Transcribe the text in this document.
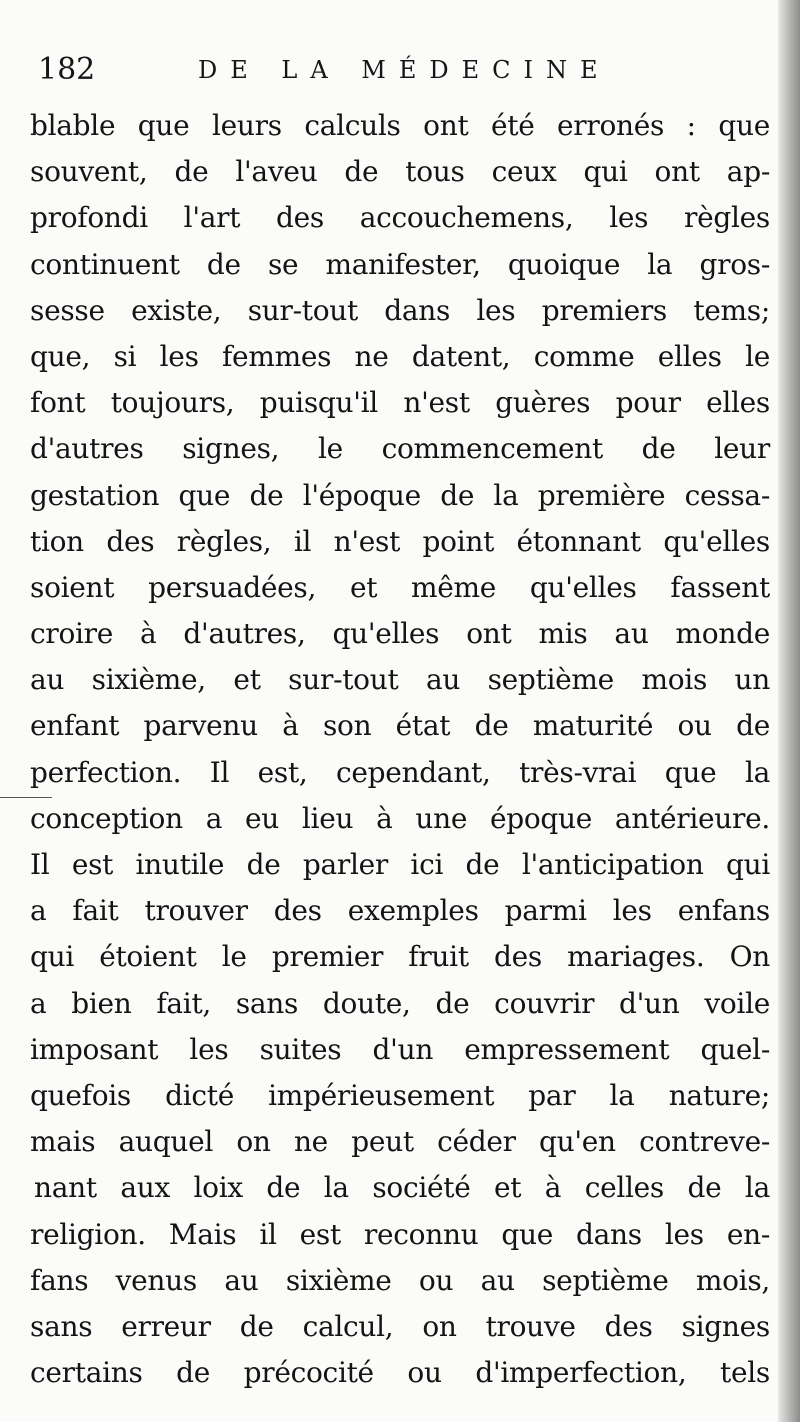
182	DE LA MÉDECINE
blable que leurs calculs ont été erronés : que
souvent, de l'aveu de tous ceux qui ont ap-
profondi l'art des accouchemens, les règles
continuent de se manifester, quoique la gros-
sesse existe, sur-tout dans les premiers tems;
que, si les femmes ne datent, comme elles le
font toujours, puisqu'il n'est guères pour elles
d'autres signes, le commencement de leur
gestation que de l'époque de la première cessa-
tion des règles, il n'est point étonnant qu'elles
soient persuadées, et même qu'elles fassent
croire à d'autres, qu'elles ont mis au monde
au sixième, et sur-tout au septième mois un
enfant parvenu à son état de maturité ou de
perfection. Il est, cependant, très-vrai que la
conception a eu lieu à une époque antérieure.
Il est inutile de parler ici de l'anticipation qui
a fait trouver des exemples parmi les enfans
qui étoient le premier fruit des mariages. On
a bien fait, sans doute, de couvrir d'un voile
imposant les suites d'un empressement quel-
quefois dicté impérieusement par la nature;
mais auquel on ne peut céder qu'en contreve-
nant aux loix de la société et à celles de la
religion. Mais il est reconnu que dans les en-
fans venus au sixième ou au septième mois,
sans erreur de calcul, on trouve des signes
certains de précocité ou d'imperfection, tels
